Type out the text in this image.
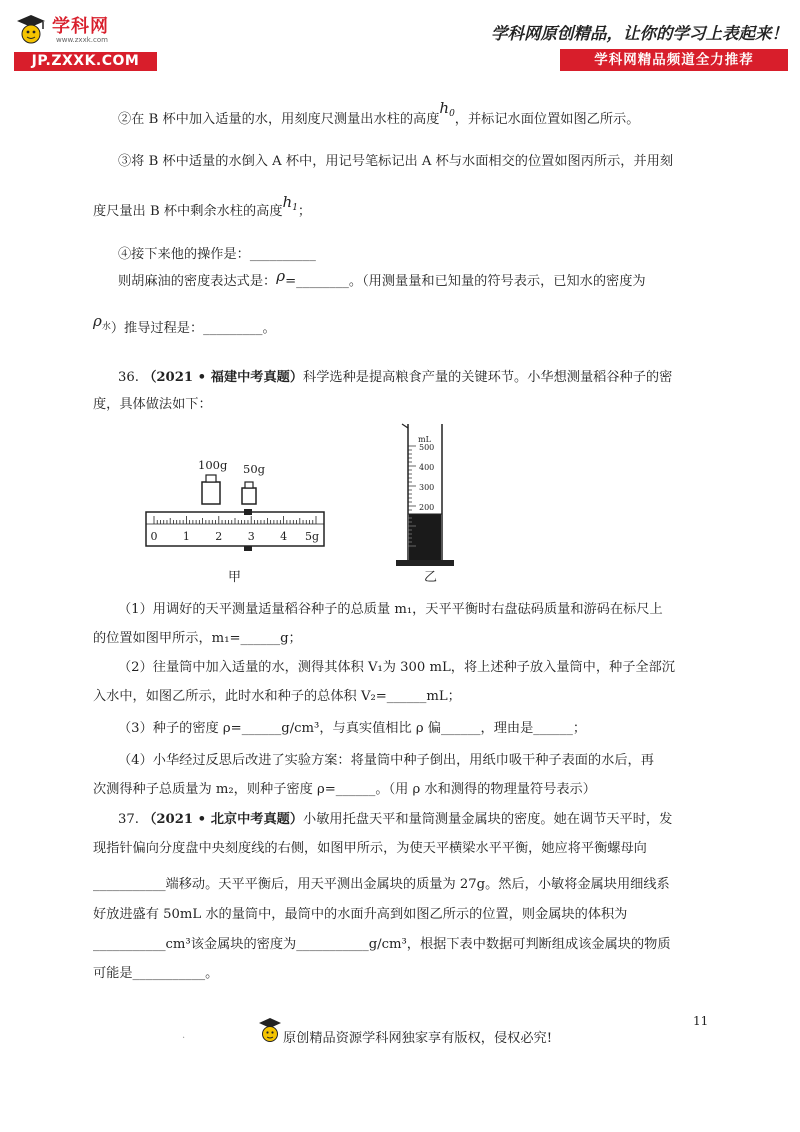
学科网
www.zxxk.com
JP.ZXXK.COM
学科网原创精品，让你的学习上表起来！
学科网精品频道全力推荐
②在 B 杯中加入适量的水，用刻度尺测量出水柱的高度$h_0$，并标记水面位置如图乙所示。
③将 B 杯中适量的水倒入 A 杯中，用记号笔标记出 A 杯与水面相交的位置如图丙所示，并用刻
度尺量出 B 杯中剩余水柱的高度$h_1$；
④接下来他的操作是：__________
则胡麻油的密度表达式是：ρ=________。（用测量量和已知量的符号表示，已知水的密度为
$\rho_水$）推导过程是：_________。
36. （2021 • 福建中考真题）科学选种是提高粮食产量的关键环节。小华想测量稻谷种子的密
度，具体做法如下：
0 1 2 3 4 5g
500
400
300
200
100g 50g
mL
甲	乙
（1）用调好的天平测量适量稻谷种子的总质量 m₁，天平平衡时右盘砝码质量和游码在标尺上
的位置如图甲所示，m₁=______g；
（2）往量筒中加入适量的水，测得其体积 V₁为 300 mL，将上述种子放入量筒中，种子全部沉
入水中，如图乙所示，此时水和种子的总体积 V₂=______mL；
（3）种子的密度 ρ=______g/cm³，与真实值相比 ρ 偏______，理由是______；
（4）小华经过反思后改进了实验方案：将量筒中种子倒出，用纸巾吸干种子表面的水后，再
次测得种子总质量为 m₂，则种子密度 ρ=______。（用 ρ 水和测得的物理量符号表示）
37. （2021 • 北京中考真题）小敏用托盘天平和量筒测量金属块的密度。她在调节天平时，发
现指针偏向分度盘中央刻度线的右侧，如图甲所示，为使天平横梁水平平衡，她应将平衡螺母向
___________端移动。天平平衡后，用天平测出金属块的质量为 27g。然后，小敏将金属块用细线系
好放进盛有 50mL 水的量筒中，最筒中的水面升高到如图乙所示的位置，则金属块的体积为
___________cm³该金属块的密度为___________g/cm³，根据下表中数据可判断组成该金属块的物质
可能是___________。
11
.	原创精品资源学科网独家享有版权，侵权必究!
